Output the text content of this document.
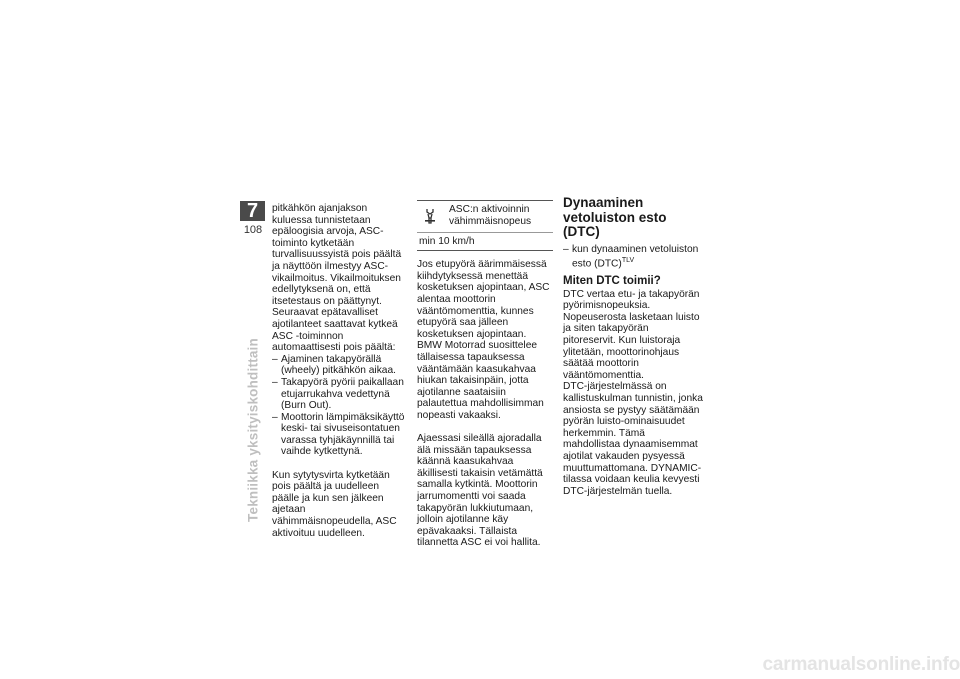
7
108
Tekniikka yksityiskohdittain

pitkähkön ajanjakson kuluessa tunnistetaan epäloogisia arvoja, ASC-toiminto kytketään turvallisuussyistä pois päältä ja näyttöön ilmestyy ASC-vikailmoitus. Vikailmoituksen edellytyksenä on, että itsetestaus on päättynyt.

Seuraavat epätavalliset ajotilanteet saattavat kytkeä ASC -toiminnon automaattisesti pois päältä:

– Ajaminen takapyörällä (wheely) pitkähkön aikaa.
– Takapyörä pyörii paikallaan etujarrukahva vedettynä (Burn Out).
– Moottorin lämpimäksikäyttö keski- tai sivuseisontatuen varassa tyhjäkäynnillä tai vaihde kytkettynä.

Kun sytytysvirta kytketään pois päältä ja uudelleen päälle ja kun sen jälkeen ajetaan vähimmäisnopeudella, ASC aktivoituu uudelleen.

ASC:n aktivoinnin vähimmäisnopeus
min 10 km/h

Jos etupyörä äärimmäisessä kiihdytyksessä menettää kosketuksen ajopintaan, ASC alentaa moottorin vääntömomenttia, kunnes etupyörä saa jälleen kosketuksen ajopintaan.

BMW Motorrad suosittelee tällaisessa tapauksessa vääntämään kaasukahvaa hiukan takaisinpäin, jotta ajotilanne saataisiin palautettua mahdollisimman nopeasti vakaaksi.

Ajaessasi sileällä ajoradalla älä missään tapauksessa käännä kaasukahvaa äkillisesti takaisin vetämättä samalla kytkintä. Moottorin jarrumomentti voi saada takapyörän lukkiutumaan, jolloin ajotilanne käy epävakaaksi. Tällaista tilannetta ASC ei voi hallita.

Dynaaminen vetoluiston esto (DTC)
– kun dynaaminen vetoluiston esto (DTC)$^{TLV}$
Miten DTC toimii?

DTC vertaa etu- ja takapyörän pyörimisnopeuksia. Nopeuserosta lasketaan luisto ja siten takapyörän pitoreservit. Kun luistoraja ylitetään, moottorinohjaus säätää moottorin vääntömomenttia.

DTC-järjestelmässä on kallistuskulman tunnistin, jonka ansiosta se pystyy säätämään pyörän luisto-ominaisuudet herkemmin. Tämä mahdollistaa dynaamisemmat ajotilat vakauden pysyessä muuttumattomana. DYNAMIC-tilassa voidaan keulia kevyesti DTC-järjestelmän tuella.

carmanualsonline.info
